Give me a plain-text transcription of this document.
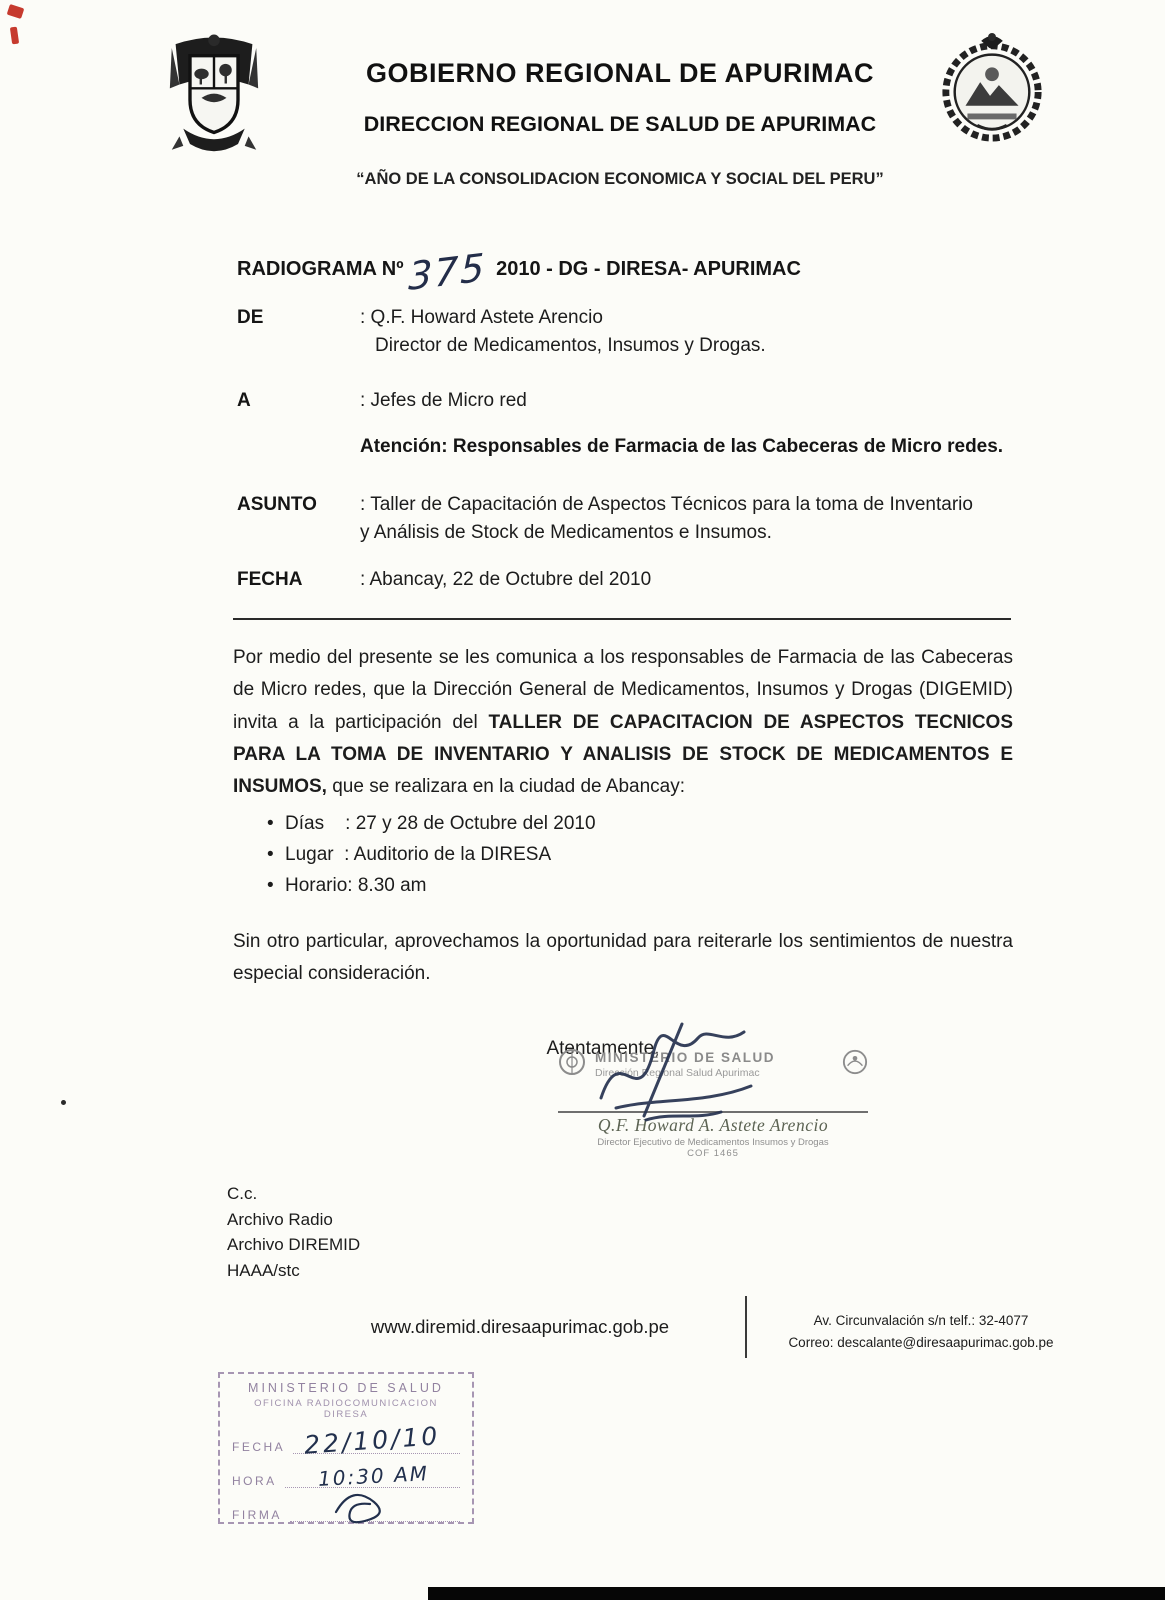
GOBIERNO REGIONAL DE APURIMAC
DIRECCION REGIONAL DE SALUD DE APURIMAC
“AÑO DE LA CONSOLIDACION ECONOMICA Y SOCIAL DEL PERU”
RADIOGRAMA Nº 375 2010 - DG - DIRESA- APURIMAC
DE	: Q.F. Howard Astete Arencio
Director de Medicamentos, Insumos y Drogas.
A	: Jefes de Micro red
Atención: Responsables de Farmacia de las Cabeceras de Micro redes.
ASUNTO	: Taller de Capacitación de Aspectos Técnicos para la toma de Inventario
y Análisis de Stock de Medicamentos e Insumos.
FECHA	: Abancay, 22 de Octubre del 2010

Por medio del presente se les comunica a los responsables de Farmacia de las Cabeceras de Micro redes, que la Dirección General de Medicamentos, Insumos y Drogas (DIGEMID) invita a la participación del TALLER DE CAPACITACION DE ASPECTOS TECNICOS PARA LA TOMA DE INVENTARIO Y ANALISIS DE STOCK DE MEDICAMENTOS E INSUMOS, que se realizara en la ciudad de Abancay:

• Días    : 27 y 28 de Octubre del 2010
• Lugar  : Auditorio de la DIRESA
• Horario: 8.30 am

Sin otro particular, aprovechamos la oportunidad para reiterarle los sentimientos de nuestra especial consideración.

Atentamente,

MINISTERIO DE SALUD
Dirección Regional Salud Apurimac
Q.F. Howard A. Astete Arencio
Director Ejecutivo de Medicamentos Insumos y Drogas
COF 1465
C.c.
Archivo Radio
Archivo DIREMID
HAAA/stc
www.diremid.diresaapurimac.gob.pe	Av. Circunvalación s/n telf.: 32-4077
Correo: descalante@diresaapurimac.gob.pe
MINISTERIO DE SALUD
OFICINA RADIOCOMUNICACION DIRESA
FECHA 22/10/10
HORA 10:30 AM
FIRMA
